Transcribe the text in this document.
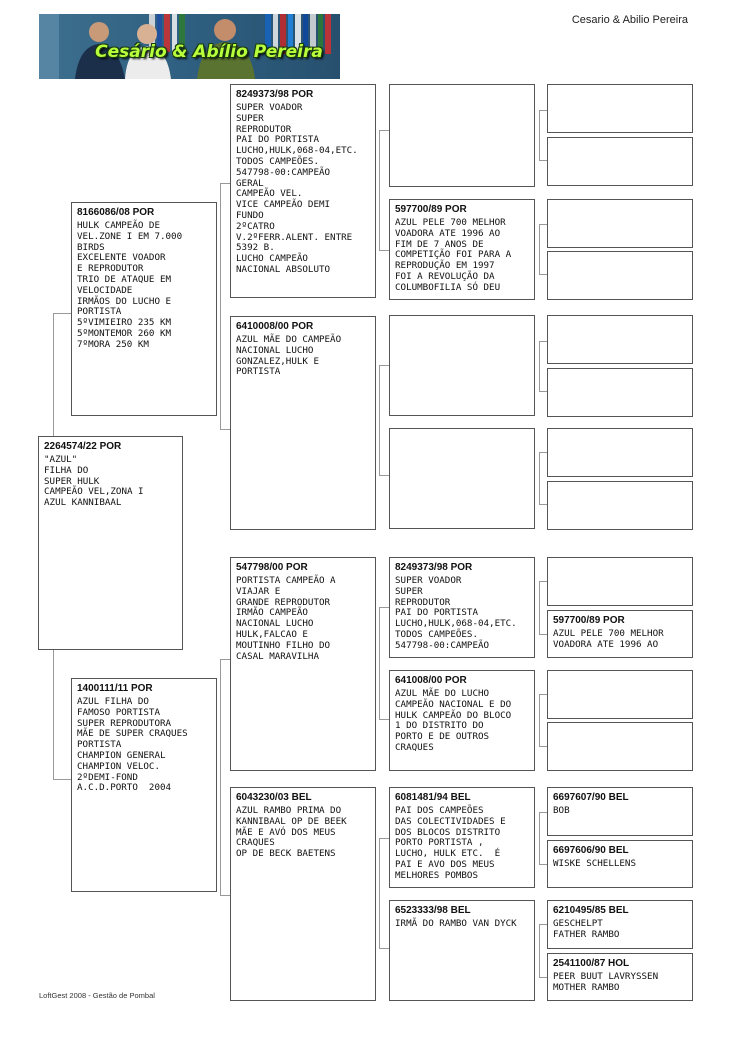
Cesário & Abílio Pereira
Cesario & Abilio Pereira
2264574/22 POR
"AZUL"
FILHA DO
SUPER HULK
CAMPEÃO VEL,ZONA I
AZUL KANNIBAAL
8166086/08 POR
HULK CAMPEÃO DE
VEL.ZONE I EM 7.000
BIRDS
EXCELENTE VOADOR
E REPRODUTOR
TRIO DE ATAQUE EM
VELOCIDADE
IRMÃOS DO LUCHO E
PORTISTA
5ºVIMIEIRO 235 KM
5ºMONTEMOR 260 KM
7ºMORA 250 KM
1400111/11 POR
AZUL FILHA DO
FAMOSO PORTISTA
SUPER REPRODUTORA
MÃE DE SUPER CRAQUES
PORTISTA
CHAMPION GENERAL
CHAMPION VELOC.
2ºDEMI-FOND
A.C.D.PORTO  2004
8249373/98 POR
SUPER VOADOR
SUPER
REPRODUTOR
PAI DO PORTISTA
LUCHO,HULK,068-04,ETC.
TODOS CAMPEÕES.
547798-00:CAMPEÃO
GERAL
CAMPEÃO VEL.
VICE CAMPEÃO DEMI
FUNDO
2ºCATRO
V.2ºFERR.ALENT. ENTRE
5392 B.
LUCHO CAMPEÃO
NACIONAL ABSOLUTO
6410008/00 POR
AZUL MÃE DO CAMPEÃO
NACIONAL LUCHO
GONZALEZ,HULK E
PORTISTA
547798/00 POR
PORTISTA CAMPEÃO A
VIAJAR E
GRANDE REPRODUTOR
IRMÃO CAMPEÃO
NACIONAL LUCHO
HULK,FALCAO E
MOUTINHO FILHO DO
CASAL MARAVILHA
6043230/03 BEL
AZUL RAMBO PRIMA DO
KANNIBAAL OP DE BEEK
MÃE E AVÓ DOS MEUS
CRAQUES
OP DE BECK BAETENS
597700/89 POR
AZUL PELE 700 MELHOR
VOADORA ATE 1996 AO
FIM DE 7 ANOS DE
COMPETIÇÃO FOI PARA A
REPRODUÇÃO EM 1997
FOI A REVOLUÇÃO DA
COLUMBOFILIA SÓ DEU
8249373/98 POR
SUPER VOADOR
SUPER
REPRODUTOR
PAI DO PORTISTA
LUCHO,HULK,068-04,ETC.
TODOS CAMPEÕES.
547798-00:CAMPEÃO
641008/00 POR
AZUL MÃE DO LUCHO
CAMPEÃO NACIONAL E DO
HULK CAMPEÃO DO BLOCO
1 DO DISTRITO DO
PORTO E DE OUTROS
CRAQUES
6081481/94 BEL
PAI DOS CAMPEÕES
DAS COLECTIVIDADES E
DOS BLOCOS DISTRITO
PORTO PORTISTA ,
LUCHO, HULK ETC.  É
PAI E AVO DOS MEUS
MELHORES POMBOS
6523333/98 BEL
IRMÃ DO RAMBO VAN DYCK
597700/89 POR
AZUL PELE 700 MELHOR
VOADORA ATE 1996 AO
6697607/90 BEL
BOB
6697606/90 BEL
WISKE SCHELLENS
6210495/85 BEL
GESCHELPT
FATHER RAMBO
2541100/87 HOL
PEER BUUT LAVRYSSEN
MOTHER RAMBO
LoftGest 2008 - Gestão de Pombal
